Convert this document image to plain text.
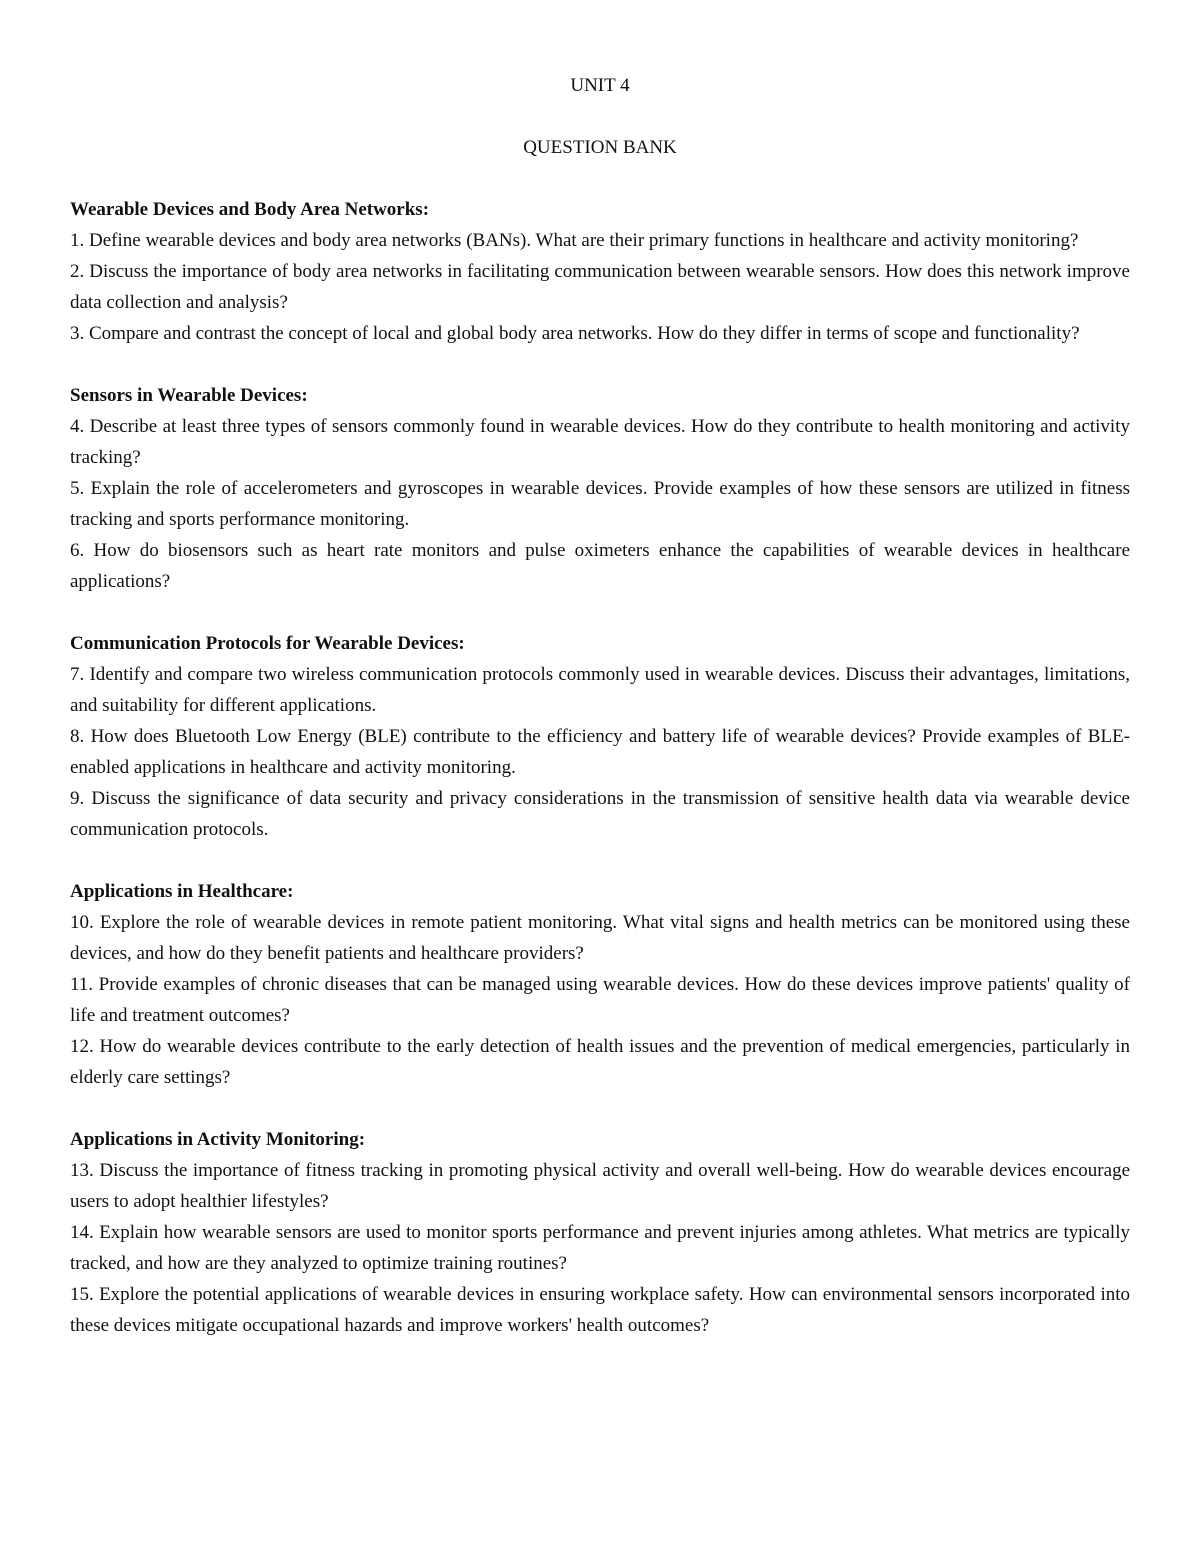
UNIT 4

QUESTION BANK

Wearable Devices and Body Area Networks:

1. Define wearable devices and body area networks (BANs). What are their primary functions in healthcare and activity monitoring?

2. Discuss the importance of body area networks in facilitating communication between wearable sensors. How does this network improve data collection and analysis?

3. Compare and contrast the concept of local and global body area networks. How do they differ in terms of scope and functionality?

Sensors in Wearable Devices:

4. Describe at least three types of sensors commonly found in wearable devices. How do they contribute to health monitoring and activity tracking?

5. Explain the role of accelerometers and gyroscopes in wearable devices. Provide examples of how these sensors are utilized in fitness tracking and sports performance monitoring.

6. How do biosensors such as heart rate monitors and pulse oximeters enhance the capabilities of wearable devices in healthcare applications?

Communication Protocols for Wearable Devices:

7. Identify and compare two wireless communication protocols commonly used in wearable devices. Discuss their advantages, limitations, and suitability for different applications.

8. How does Bluetooth Low Energy (BLE) contribute to the efficiency and battery life of wearable devices? Provide examples of BLE-enabled applications in healthcare and activity monitoring.

9. Discuss the significance of data security and privacy considerations in the transmission of sensitive health data via wearable device communication protocols.

Applications in Healthcare:

10. Explore the role of wearable devices in remote patient monitoring. What vital signs and health metrics can be monitored using these devices, and how do they benefit patients and healthcare providers?

11. Provide examples of chronic diseases that can be managed using wearable devices. How do these devices improve patients' quality of life and treatment outcomes?

12. How do wearable devices contribute to the early detection of health issues and the prevention of medical emergencies, particularly in elderly care settings?

Applications in Activity Monitoring:

13. Discuss the importance of fitness tracking in promoting physical activity and overall well-being. How do wearable devices encourage users to adopt healthier lifestyles?

14. Explain how wearable sensors are used to monitor sports performance and prevent injuries among athletes. What metrics are typically tracked, and how are they analyzed to optimize training routines?

15. Explore the potential applications of wearable devices in ensuring workplace safety. How can environmental sensors incorporated into these devices mitigate occupational hazards and improve workers' health outcomes?
